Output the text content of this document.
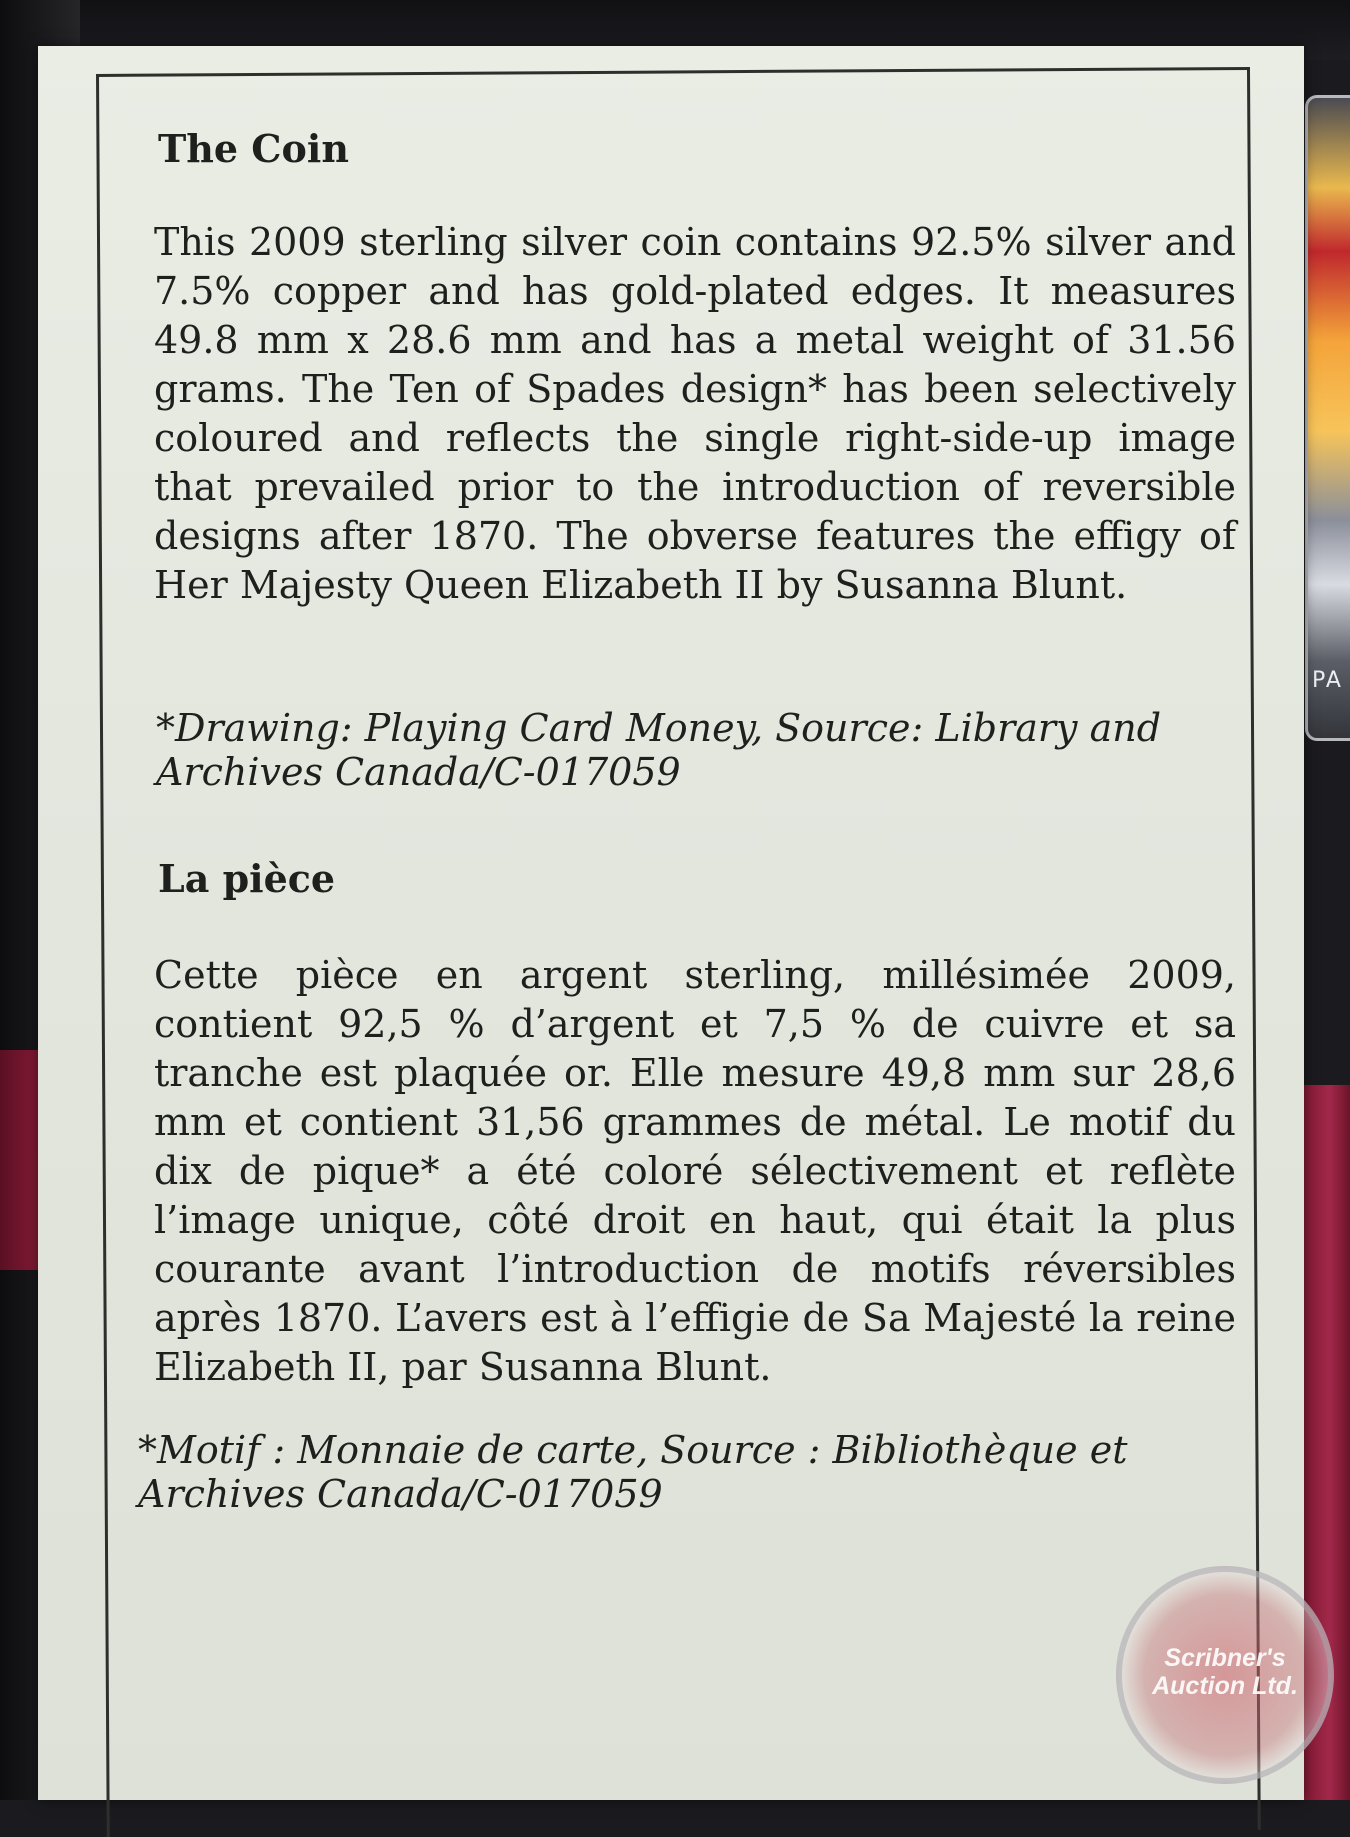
PA
The Coin
This 2009 sterling silver coin contains 92.5% silver and 7.5% copper and has gold-plated edges. It measures 49.8 mm x 28.6 mm and has a metal weight of 31.56 grams. The Ten of Spades design* has been selectively coloured and reflects the single right-side-up image that prevailed prior to the introduction of reversible designs after 1870. The obverse features the effigy of Her Majesty Queen Elizabeth II by Susanna Blunt.
*Drawing: Playing Card Money, Source: Library and Archives Canada/C-017059
La pièce
Cette pièce en argent sterling, millésimée 2009, contient 92,5 % d’argent et 7,5 % de cuivre et sa tranche est plaquée or. Elle mesure 49,8 mm sur 28,6 mm et contient 31,56 grammes de métal. Le motif du dix de pique* a été coloré sélectivement et reflète l’image unique, côté droit en haut, qui était la plus courante avant l’introduction de motifs réversibles après 1870. L’avers est à l’effigie de Sa Majesté la reine Elizabeth II, par Susanna Blunt.
*Motif : Monnaie de carte, Source : Bibliothèque et Archives Canada/C-017059
Scribner's Auction Ltd.
